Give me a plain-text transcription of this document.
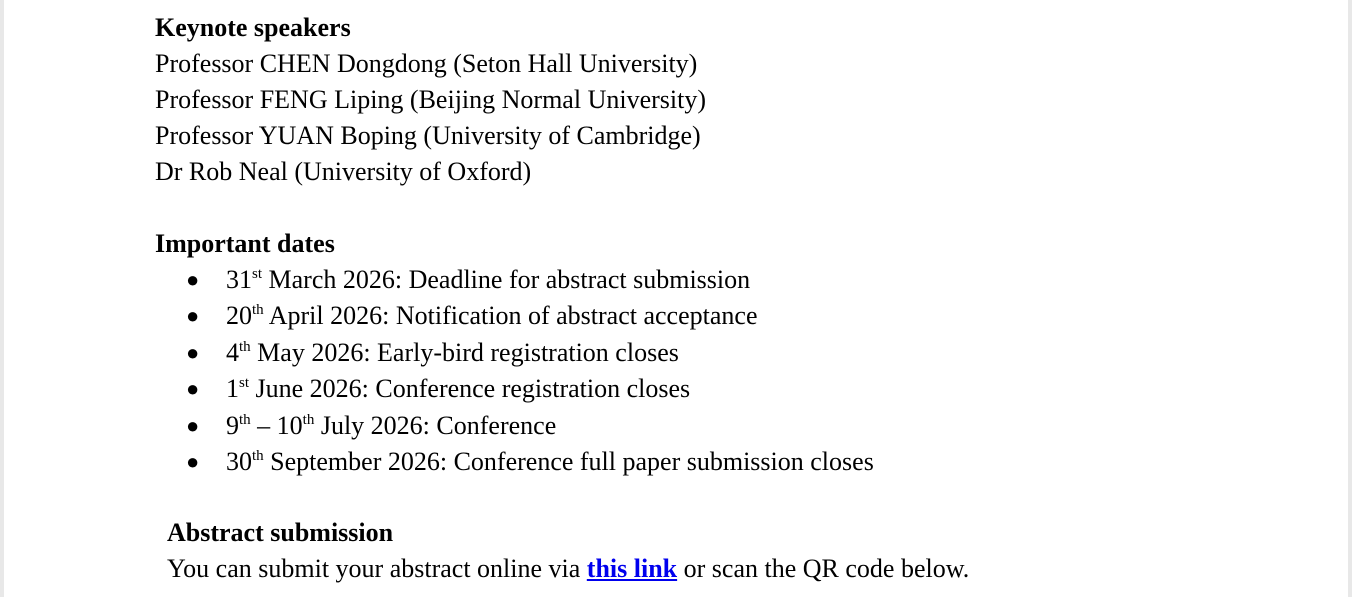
Keynote speakers
Professor CHEN Dongdong (Seton Hall University)
Professor FENG Liping (Beijing Normal University)
Professor YUAN Boping (University of Cambridge)
Dr Rob Neal (University of Oxford)
Important dates
● 31st March 2026: Deadline for abstract submission
● 20th April 2026: Notification of abstract acceptance
● 4th May 2026: Early-bird registration closes
● 1st June 2026: Conference registration closes
● 9th – 10th July 2026: Conference
● 30th September 2026: Conference full paper submission closes
Abstract submission
You can submit your abstract online via this link or scan the QR code below.
